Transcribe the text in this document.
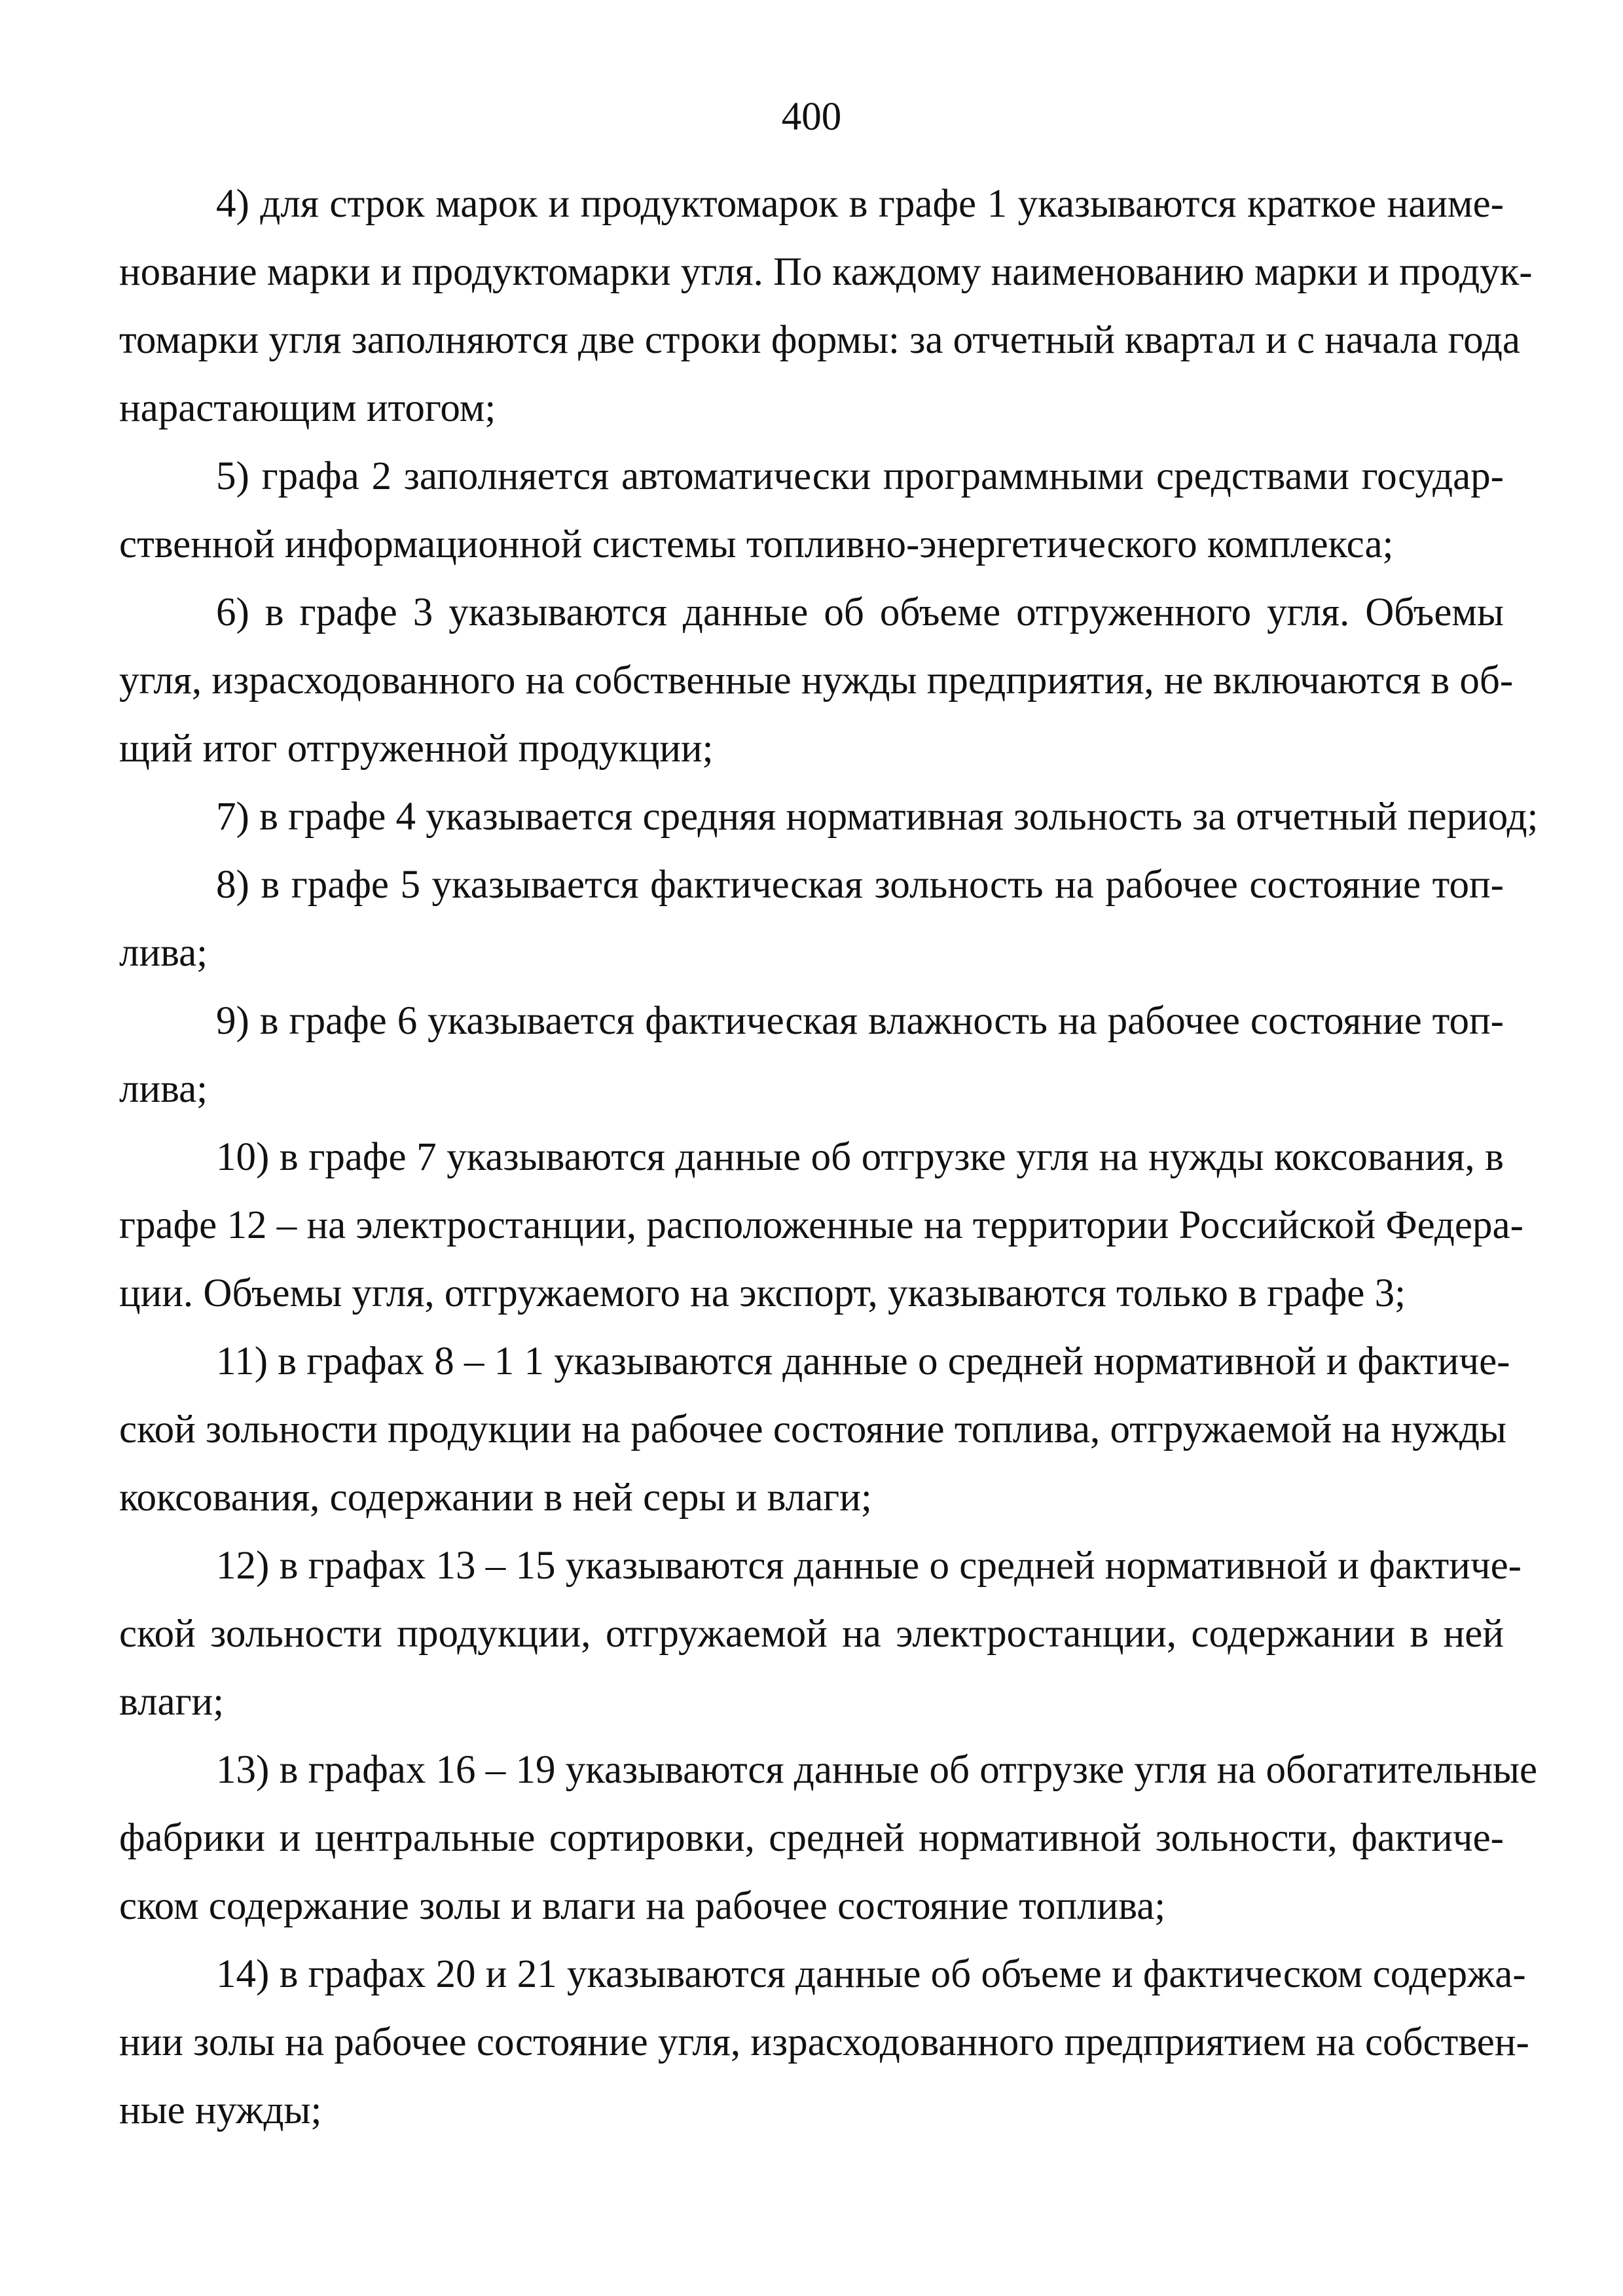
400
4) для строк марок и продуктомарок в графе 1 указываются краткое наиме-
нование марки и продуктомарки угля. По каждому наименованию марки и продук-
томарки угля заполняются две строки формы: за отчетный квартал и с начала года
нарастающим итогом;
5) графа 2 заполняется автоматически программными средствами государ-
ственной информационной системы топливно-энергетического комплекса;
6) в графе 3 указываются данные об объеме отгруженного угля. Объемы
угля, израсходованного на собственные нужды предприятия, не включаются в об-
щий итог отгруженной продукции;
7) в графе 4 указывается средняя нормативная зольность за отчетный период;
8) в графе 5 указывается фактическая зольность на рабочее состояние топ-
лива;
9) в графе 6 указывается фактическая влажность на рабочее состояние топ-
лива;
10) в графе 7 указываются данные об отгрузке угля на нужды коксования, в
графе 12 – на электростанции, расположенные на территории Российской Федера-
ции. Объемы угля, отгружаемого на экспорт, указываются только в графе 3;
11) в графах 8 – 1 1 указываются данные о средней нормативной и фактиче-
ской зольности продукции на рабочее состояние топлива, отгружаемой на нужды
коксования, содержании в ней серы и влаги;
12) в графах 13 – 15 указываются данные о средней нормативной и фактиче-
ской зольности продукции, отгружаемой на электростанции, содержании в ней
влаги;
13) в графах 16 – 19 указываются данные об отгрузке угля на обогатительные
фабрики и центральные сортировки, средней нормативной зольности, фактиче-
ском содержание золы и влаги на рабочее состояние топлива;
14) в графах 20 и 21 указываются данные об объеме и фактическом содержа-
нии золы на рабочее состояние угля, израсходованного предприятием на собствен-
ные нужды;
